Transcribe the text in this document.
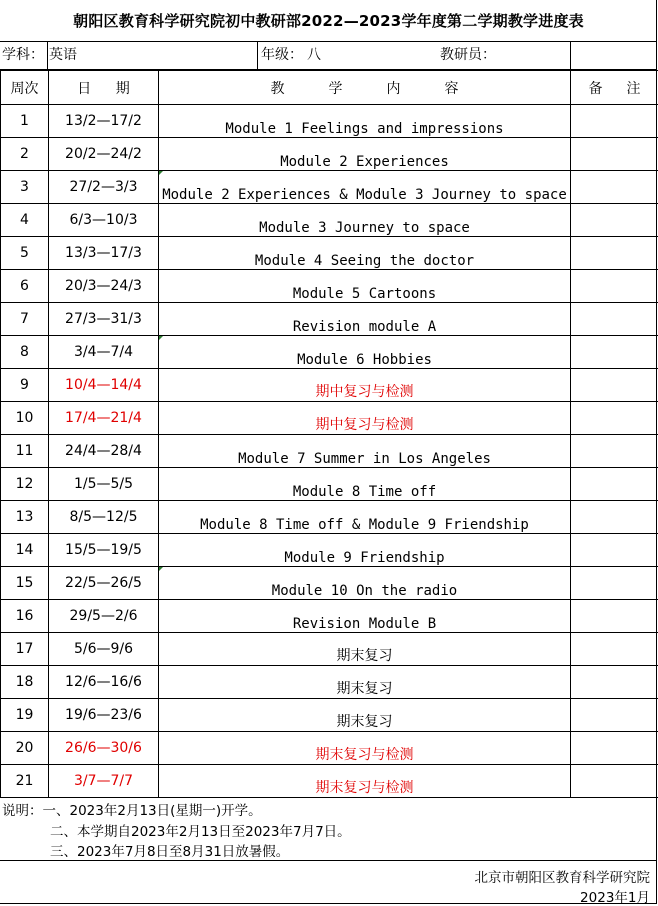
朝阳区教育科学研究院初中教研部2022—2023学年度第二学期教学进度表
学科： 英语	年级： 八	教研员：
周次	日 期	教 学 内 容	备 注
1	13/2—17/2	Module 1 Feelings and impressions	
2	20/2—24/2	Module 2 Experiences	
3	27/2—3/3	Module 2 Experiences & Module 3 Journey to space

4	6/3—10/3	Module 3 Journey to space	
5	13/3—17/3	Module 4 Seeing the doctor	
6	20/3—24/3	Module 5 Cartoons	
7	27/3—31/3	Revision module A	
8	3/4—7/4	Module 6 Hobbies

9	10/4—14/4	期中复习与检测	
10	17/4—21/4	期中复习与检测	
11	24/4—28/4	Module 7 Summer in Los Angeles	
12	1/5—5/5	Module 8 Time off	
13	8/5—12/5	Module 8 Time off & Module 9 Friendship	
14	15/5—19/5	Module 9 Friendship	
15	22/5—26/5	Module 10 On the radio

16	29/5—2/6	Revision Module B	
17	5/6—9/6	期末复习	
18	12/6—16/6	期末复习	
19	19/6—23/6	期末复习	
20	26/6—30/6	期末复习与检测	
21	3/7—7/7	期末复习与检测	
说明：一、2023年2月13日(星期一)开学。
二、本学期自2023年2月13日至2023年7月7日。
三、2023年7月8日至8月31日放暑假。
北京市朝阳区教育科学研究院
2023年1月
